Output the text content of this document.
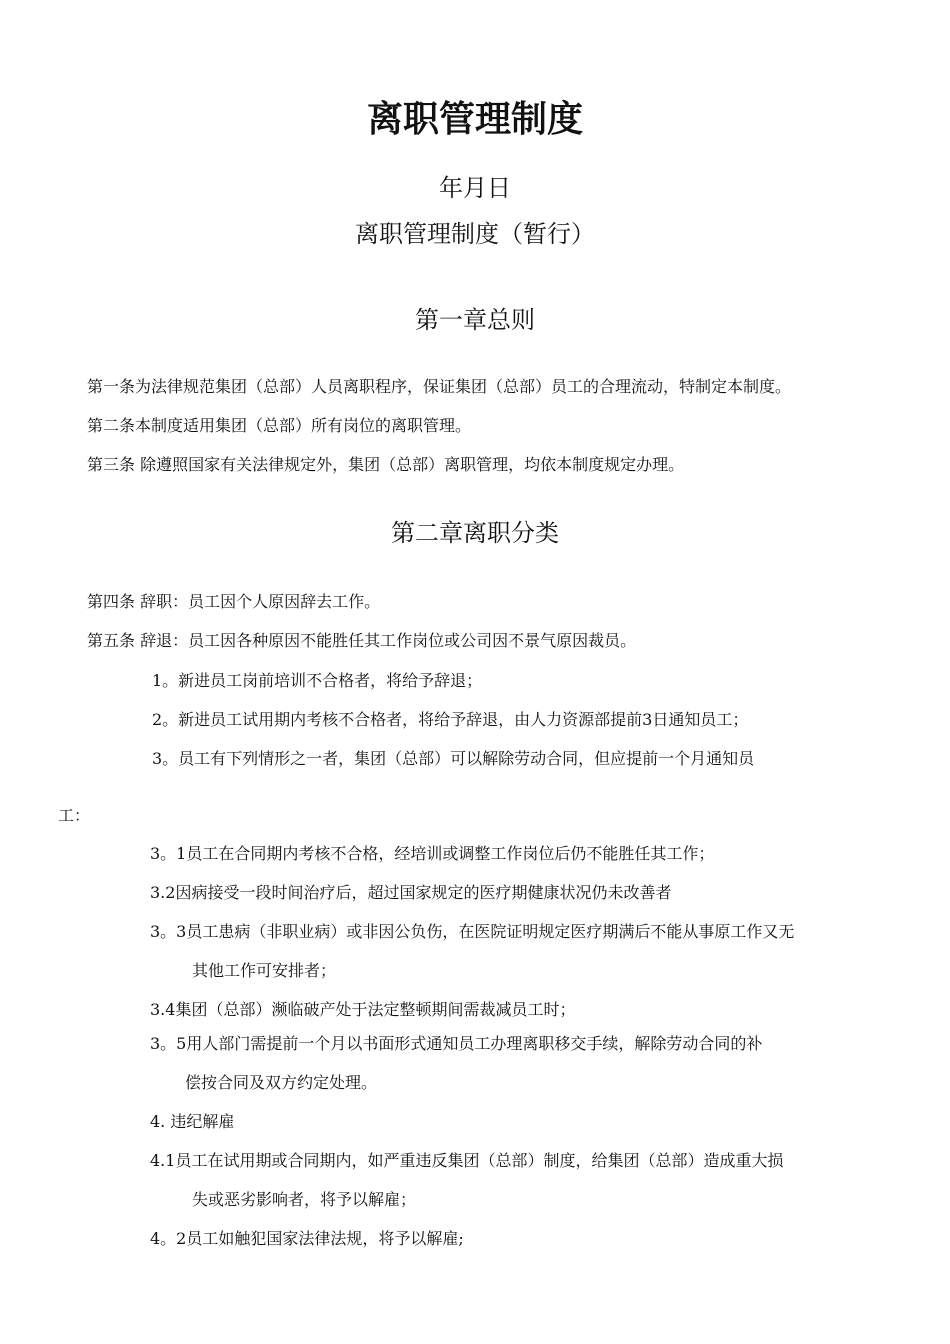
离职管理制度
年月日
离职管理制度（暂行）
第一章总则

第一条为法律规范集团（总部）人员离职程序，保证集团（总部）员工的合理流动，特制定本制度。

第二条本制度适用集团（总部）所有岗位的离职管理。

第三条 除遵照国家有关法律规定外，集团（总部）离职管理，均依本制度规定办理。

第二章离职分类

第四条 辞职：员工因个人原因辞去工作。

第五条 辞退：员工因各种原因不能胜任其工作岗位或公司因不景气原因裁员。

1。新进员工岗前培训不合格者，将给予辞退；

2。新进员工试用期内考核不合格者，将给予辞退，由人力资源部提前3日通知员工；

3。员工有下列情形之一者，集团（总部）可以解除劳动合同，但应提前一个月通知员

工：

3。1员工在合同期内考核不合格，经培训或调整工作岗位后仍不能胜任其工作；

3.2因病接受一段时间治疗后，超过国家规定的医疗期健康状况仍未改善者

3。3员工患病（非职业病）或非因公负伤，在医院证明规定医疗期满后不能从事原工作又无

其他工作可安排者；

3.4集团（总部）濒临破产处于法定整顿期间需裁减员工时；

3。5用人部门需提前一个月以书面形式通知员工办理离职移交手续，解除劳动合同的补

偿按合同及双方约定处理。

4. 违纪解雇

4.1员工在试用期或合同期内，如严重违反集团（总部）制度，给集团（总部）造成重大损

失或恶劣影响者，将予以解雇；

4。2员工如触犯国家法律法规，将予以解雇;
